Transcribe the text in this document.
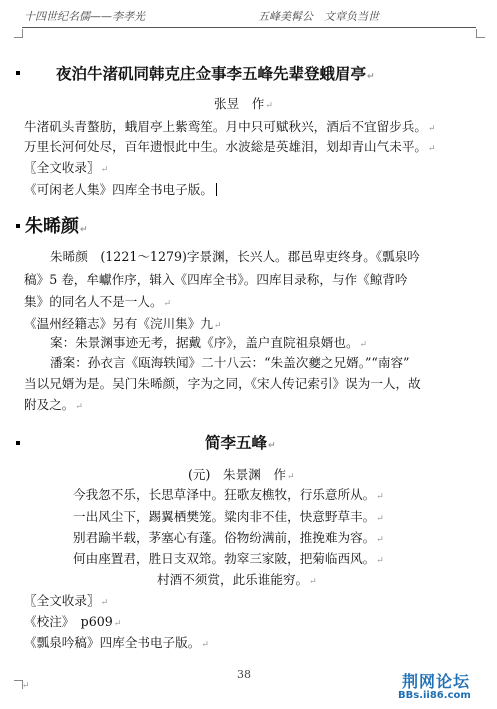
十四世纪名儒——李孝光	五峰美髯公　文章负当世
夜泊牛渚矶同韩克庄佥事李五峰先辈登蛾眉亭↵
张昱　作↵
牛渚矶头青螯肪，蛾眉亭上紫鸾笙。月中只可赋秋兴，酒后不宜留步兵。↵
万里长河何处尽，百年遗恨此中生。水波総是英雄泪，划却青山气未平。↵
〖全文收录〗↵
《可闲老人集》四库全书电子版。
朱晞颜↵
朱晞颜　(1221～1279)字景渊，长兴人。郡邑卑吏终身。《瓢泉吟
稿》5 卷，牟巘作序，辑入《四库全书》。四库目录称，与作《鲸背吟
集》的同名人不是一人。↵
《温州经籍志》另有《浣川集》九↵
案：朱景渊事迹无考，据戴《序》，盖户直院祖泉婿也。↵
潘案：孙衣言《瓯海轶闻》二十八云：“朱盖次夔之兄婿。”“南容”
当以兄婿为是。吴门朱晞颜，字为之同，《宋人传记索引》误为一人，故
附及之。↵
简李五峰↵
(元)　朱景渊　作↵
今我忽不乐，长思草泽中。狂歌友樵牧，行乐意所从。↵
一出风尘下，踢翼栖樊笼。粱肉非不佳，快意野草丰。↵
别君踰半载，茅塞心有蓬。俗物纷满前，推挽难为容。↵
何由座置君，胜日支双筇。勃窣三家陂，把菊临西风。↵
村酒不须赏，此乐谁能穷。↵
〖全文收录〗↵
《校注》　p609↵
《瓢泉吟稿》四库全书电子版。↵
38
↵	荆网论坛
BBs.ii86.com
